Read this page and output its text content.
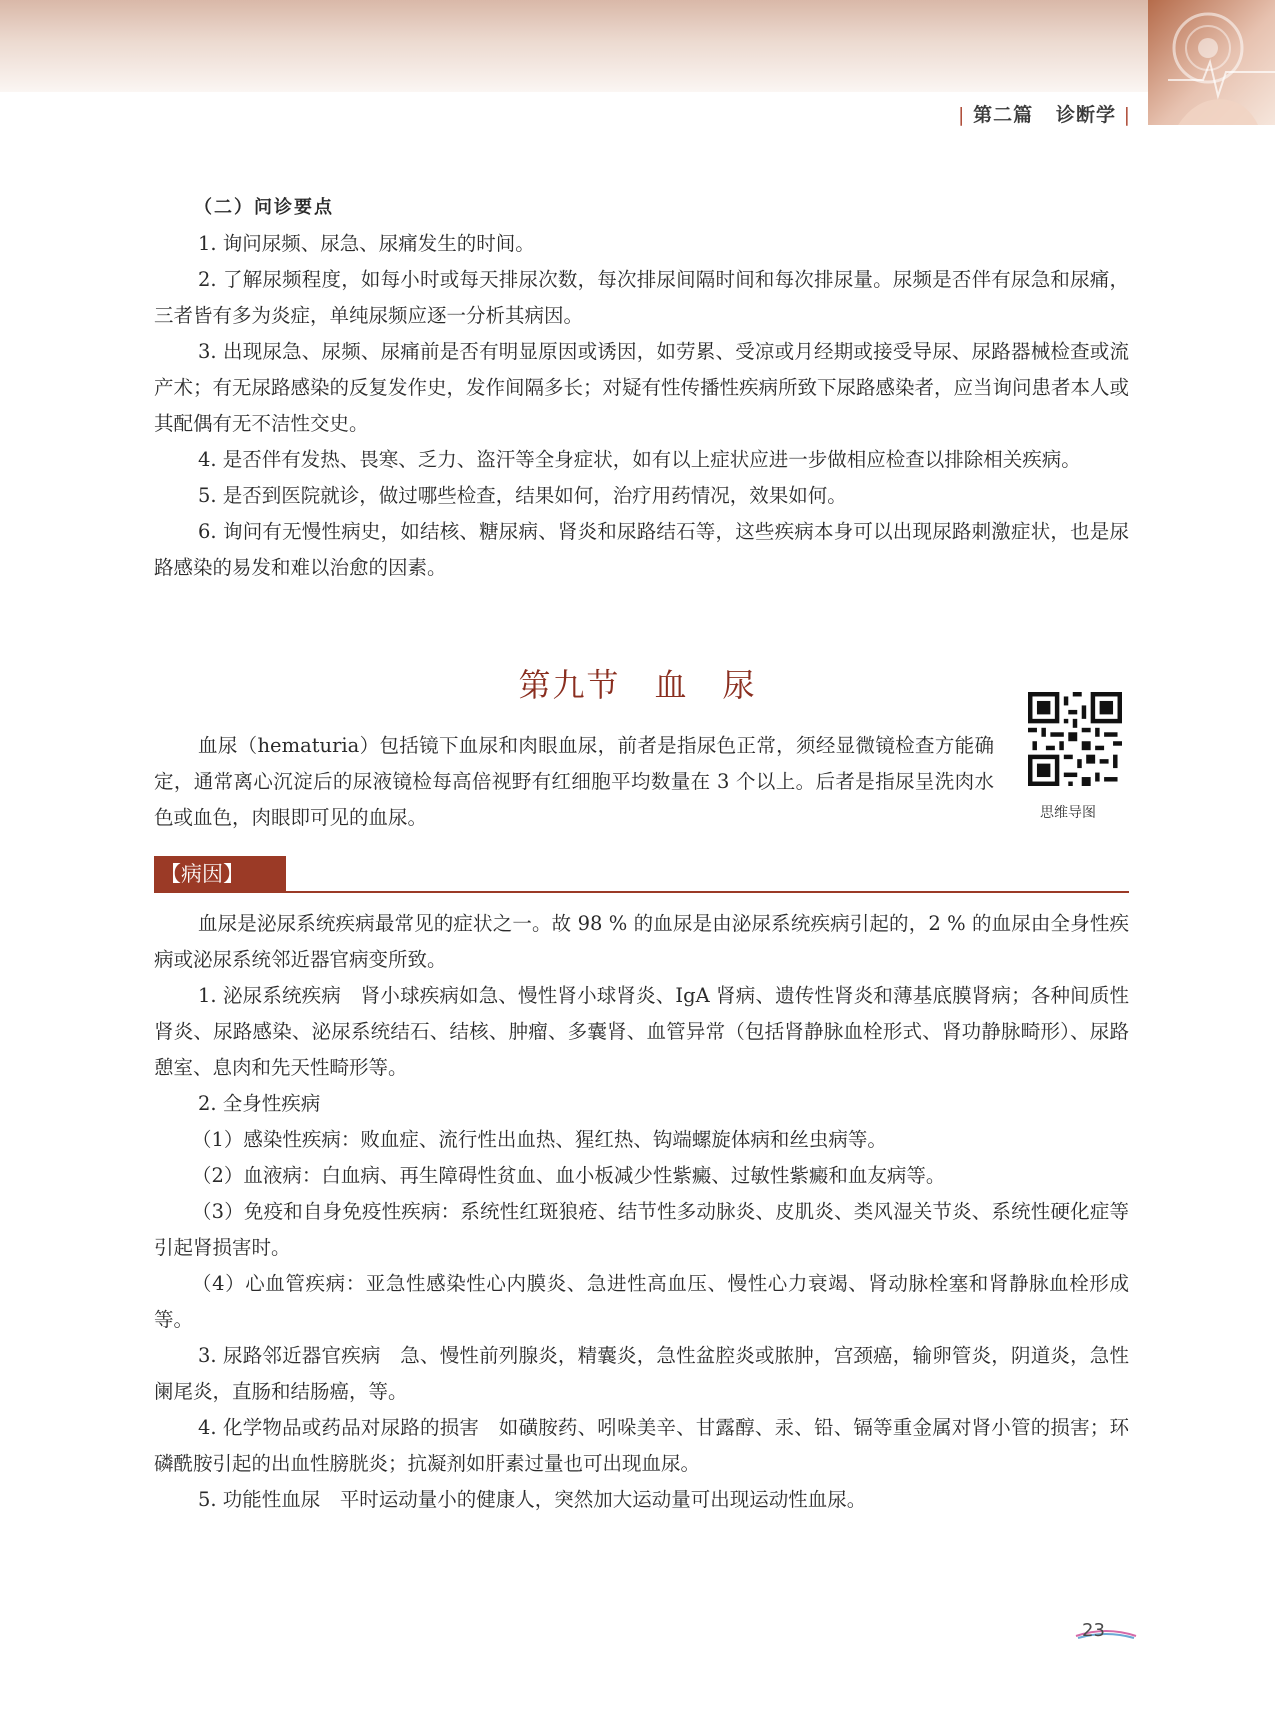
| 第二篇 诊断学 |
（二）问诊要点

1. 询问尿频、尿急、尿痛发生的时间。

2. 了解尿频程度，如每小时或每天排尿次数，每次排尿间隔时间和每次排尿量。尿频是否伴有尿急和尿痛，三者皆有多为炎症，单纯尿频应逐一分析其病因。

3. 出现尿急、尿频、尿痛前是否有明显原因或诱因，如劳累、受凉或月经期或接受导尿、尿路器械检查或流产术；有无尿路感染的反复发作史，发作间隔多长；对疑有性传播性疾病所致下尿路感染者，应当询问患者本人或其配偶有无不洁性交史。

4. 是否伴有发热、畏寒、乏力、盗汗等全身症状，如有以上症状应进一步做相应检查以排除相关疾病。

5. 是否到医院就诊，做过哪些检查，结果如何，治疗用药情况，效果如何。

6. 询问有无慢性病史，如结核、糖尿病、肾炎和尿路结石等，这些疾病本身可以出现尿路刺激症状，也是尿路感染的易发和难以治愈的因素。

第九节 血 尿

血尿（hematuria）包括镜下血尿和肉眼血尿，前者是指尿色正常，须经显微镜检查方能确定，通常离心沉淀后的尿液镜检每高倍视野有红细胞平均数量在 3 个以上。后者是指尿呈洗肉水色或血色，肉眼即可见的血尿。	思维导图
【病因】

血尿是泌尿系统疾病最常见的症状之一。故 98 % 的血尿是由泌尿系统疾病引起的，2 % 的血尿由全身性疾病或泌尿系统邻近器官病变所致。

1. 泌尿系统疾病　肾小球疾病如急、慢性肾小球肾炎、IgA 肾病、遗传性肾炎和薄基底膜肾病；各种间质性肾炎、尿路感染、泌尿系统结石、结核、肿瘤、多囊肾、血管异常（包括肾静脉血栓形式、肾功静脉畸形）、尿路憩室、息肉和先天性畸形等。

2. 全身性疾病

（1）感染性疾病：败血症、流行性出血热、猩红热、钩端螺旋体病和丝虫病等。

（2）血液病：白血病、再生障碍性贫血、血小板减少性紫癜、过敏性紫癜和血友病等。

（3）免疫和自身免疫性疾病：系统性红斑狼疮、结节性多动脉炎、皮肌炎、类风湿关节炎、系统性硬化症等引起肾损害时。

（4）心血管疾病：亚急性感染性心内膜炎、急进性高血压、慢性心力衰竭、肾动脉栓塞和肾静脉血栓形成等。

3. 尿路邻近器官疾病　急、慢性前列腺炎，精囊炎，急性盆腔炎或脓肿，宫颈癌，输卵管炎，阴道炎，急性阑尾炎，直肠和结肠癌，等。

4. 化学物品或药品对尿路的损害　如磺胺药、吲哚美辛、甘露醇、汞、铅、镉等重金属对肾小管的损害；环磷酰胺引起的出血性膀胱炎；抗凝剂如肝素过量也可出现血尿。

5. 功能性血尿　平时运动量小的健康人，突然加大运动量可出现运动性血尿。

23
